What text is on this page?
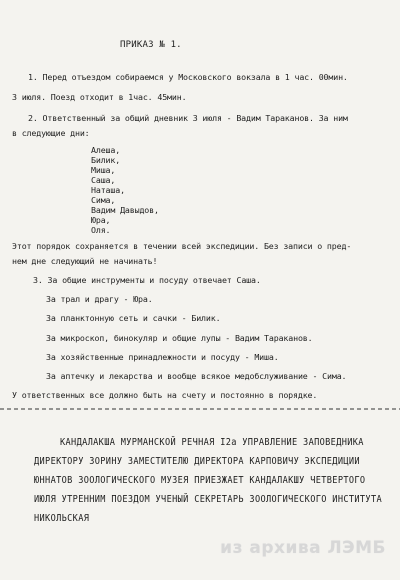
ПРИКАЗ № 1.
1. Перед отъездом собираемся у Московского вокзала в 1 час. 00мин.
3 июля. Поезд отходит в 1час. 45мин.
2. Ответственный за общий дневник 3 июля - Вадим Тараканов. За ним
в следующие дни:
Алеша,
Билик,
Миша,
Саша,
Наташа,
Сима,
Вадим Давыдов,
Юра,
Оля.
Этот порядок сохраняется в течении всей экспедиции. Без записи о пред-
нем дне следующий не начинать!
3. За общие инструменты и посуду отвечает Саша.
За трал и драгу - Юра.
За планктонную сеть и сачки - Билик.
За микроскоп, бинокуляр и общие лупы - Вадим Тараканов.
За хозяйственные принадлежности и посуду - Миша.
За аптечку и лекарства и вообще всякое медобслуживание - Сима.
У ответственных все должно быть на счету и постоянно в порядке.
КАНДАЛАКША МУРМАНСКОЙ РЕЧНАЯ I2а УПРАВЛЕНИЕ ЗАПОВЕДНИКА
ДИРЕКТОРУ ЗОРИНУ ЗАМЕСТИТЕЛЮ ДИРЕКТОРА КАРПОВИЧУ ЭКСПЕДИЦИИ
ЮННАТОВ ЗООЛОГИЧЕСКОГО МУЗЕЯ ПРИЕЗЖАЕТ КАНДАЛАКШУ ЧЕТВЕРТОГО
ИЮЛЯ УТРЕННИМ ПОЕЗДОМ УЧЕНЫЙ СЕКРЕТАРЬ ЗООЛОГИЧЕСКОГО ИНСТИТУТА
НИКОЛЬСКАЯ
из архива ЛЭМБ
